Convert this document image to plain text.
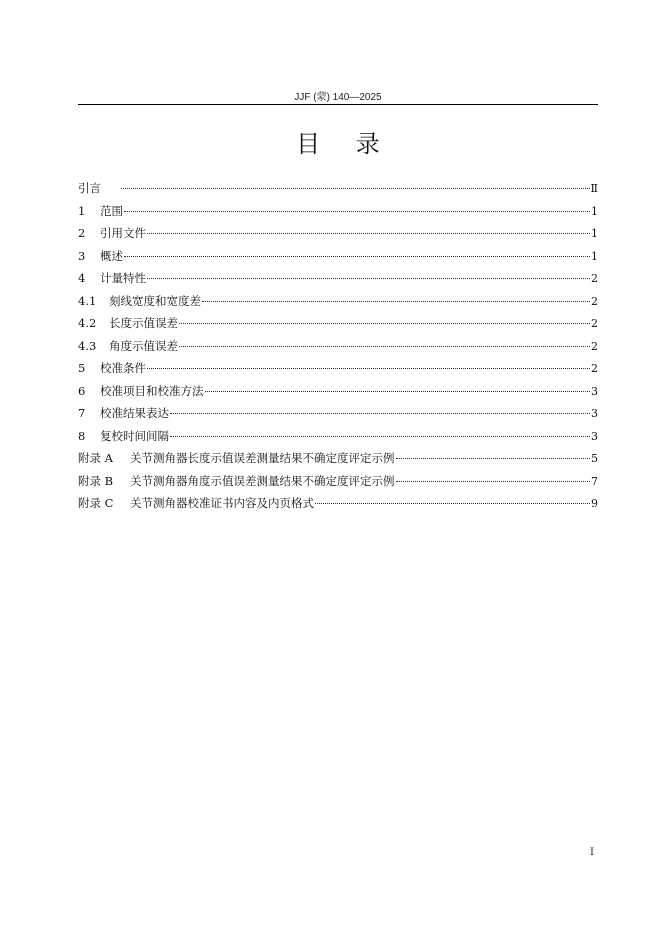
JJF (蒙) 140—2025
目 录
引言	Ⅱ
1	范围	1
2	引用文件	1
3	概述	1
4	计量特性	2
4.1	刻线宽度和宽度差	2
4.2	长度示值误差	2
4.3	角度示值误差	2
5	校准条件	2
6	校准项目和校准方法	3
7	校准结果表达	3
8	复校时间间隔	3
附录 A	关节测角器长度示值误差测量结果不确定度评定示例	5
附录 B	关节测角器角度示值误差测量结果不确定度评定示例	7
附录 C	关节测角器校准证书内容及内页格式	9
I
